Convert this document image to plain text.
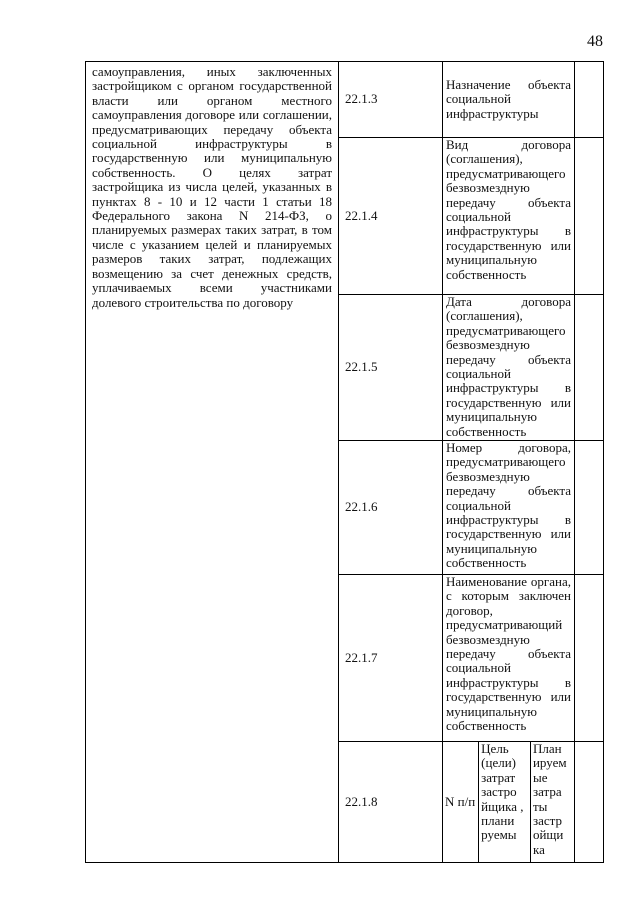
48
самоуправления, иных заключенных застройщиком с органом государственной власти или органом местного самоуправления договоре или соглашении, предусматривающих передачу объекта социальной инфраструктуры в государственную или муниципальную собственность. О целях затрат застройщика из числа целей, указанных в пунктах 8 - 10 и 12 части 1 статьи 18 Федерального закона N 214-ФЗ, о планируемых размерах таких затрат, в том числе с указанием целей и планируемых размеров таких затрат, подлежащих возмещению за счет денежных средств, уплачиваемых всеми участниками долевого строительства по договору	22.1.3	Назначение объекта социальной инфраструктуры	
22.1.4	Вид договора (соглашения), предусматривающего безвозмездную передачу объекта социальной инфраструктуры в государственную или муниципальную собственность	
22.1.5	Дата договора (соглашения), предусматривающего безвозмездную передачу объекта социальной инфраструктуры в государственную или муниципальную собственность	
22.1.6	Номер договора, предусматривающего безвозмездную передачу объекта социальной инфраструктуры в государственную или муниципальную собственность	
22.1.7	Наименование органа, с которым заключен договор, предусматривающий безвозмездную передачу объекта социальной инфраструктуры в государственную или муниципальную собственность	
22.1.8		N п/п	Цель (цели) затрат застро йщика , плани руемы	План ируем ые затра ты застр ойщи ка	
